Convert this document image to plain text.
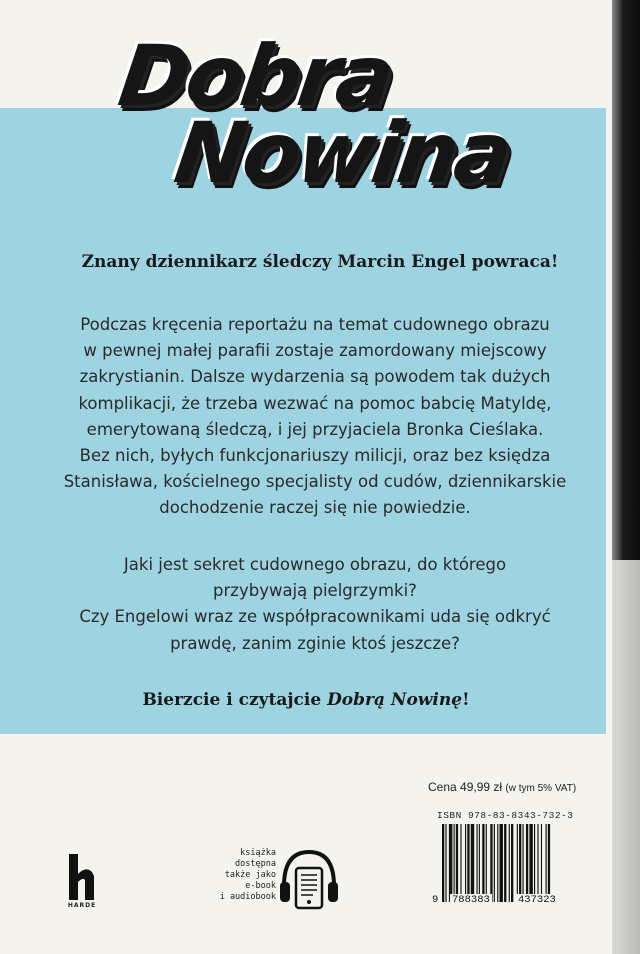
Dobra
Nowina
Znany dziennikarz śledczy Marcin Engel powraca!
Podczas kręcenia reportażu na temat cudownego obrazu
w pewnej małej parafii zostaje zamordowany miejscowy
zakrystianin. Dalsze wydarzenia są powodem tak dużych
komplikacji, że trzeba wezwać na pomoc babcię Matyldę,
emerytowaną śledczą, i jej przyjaciela Bronka Cieślaka.
Bez nich, byłych funkcjonariuszy milicji, oraz bez księdza
Stanisława, kościelnego specjalisty od cudów, dziennikarskie
dochodzenie raczej się nie powiedzie.
Jaki jest sekret cudownego obrazu, do którego
przybywają pielgrzymki?
Czy Engelowi wraz ze współpracownikami uda się odkryć
prawdę, zanim zginie ktoś jeszcze?
Bierzcie i czytajcie Dobrą Nowinę!
Cena 49,99 zł (w tym 5% VAT)
ISBN 978-83-8343-732-3
9 788383	437323
HARDE
książka
dostępna
także jako
e-book
i audiobook
